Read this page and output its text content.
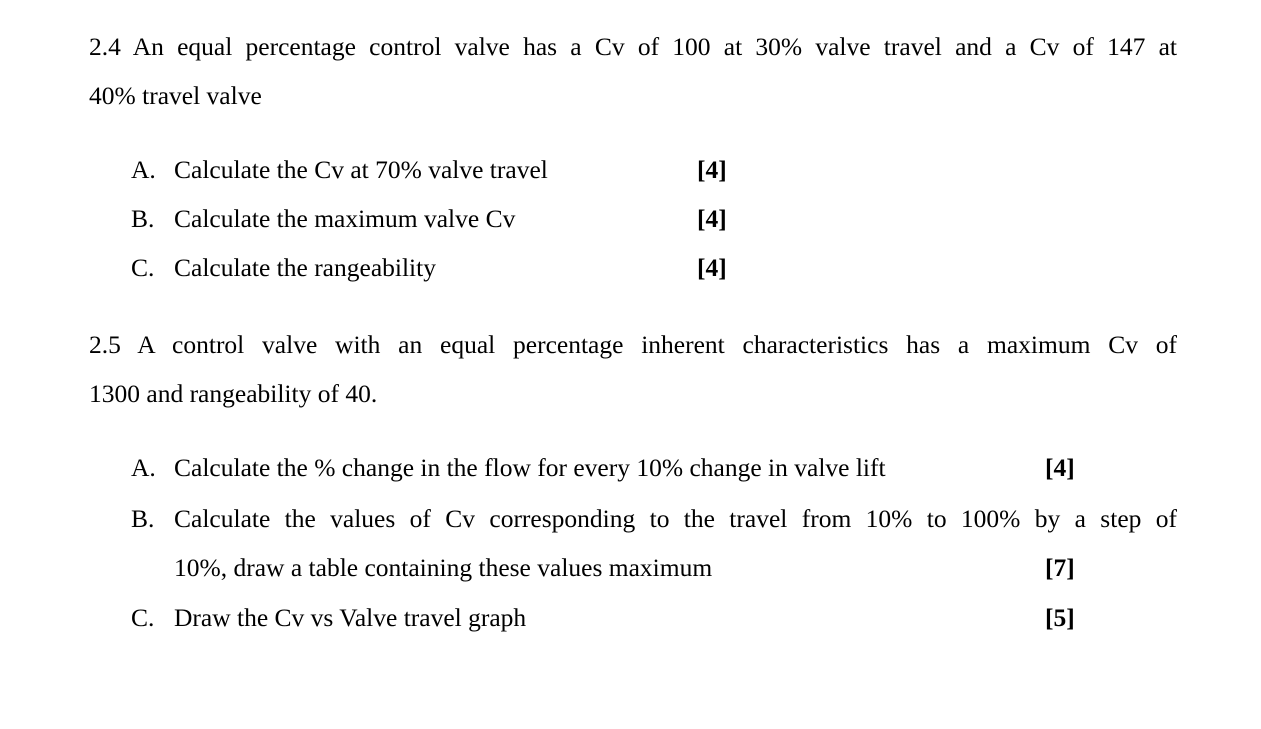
2.4 An equal percentage control valve has a Cv of 100 at 30% valve travel and a Cv of 147 at
40% travel valve
A. Calculate the Cv at 70% valve travel	[4]
B. Calculate the maximum valve Cv	[4]
C. Calculate the rangeability	[4]
2.5 A control valve with an equal percentage inherent characteristics has a maximum Cv of
1300 and rangeability of 40.
A. Calculate the % change in the flow for every 10% change in valve lift	[4]
B. Calculate the values of Cv corresponding to the travel from 10% to 100% by a step of
10%, draw a table containing these values maximum	[7]
C. Draw the Cv vs Valve travel graph	[5]
